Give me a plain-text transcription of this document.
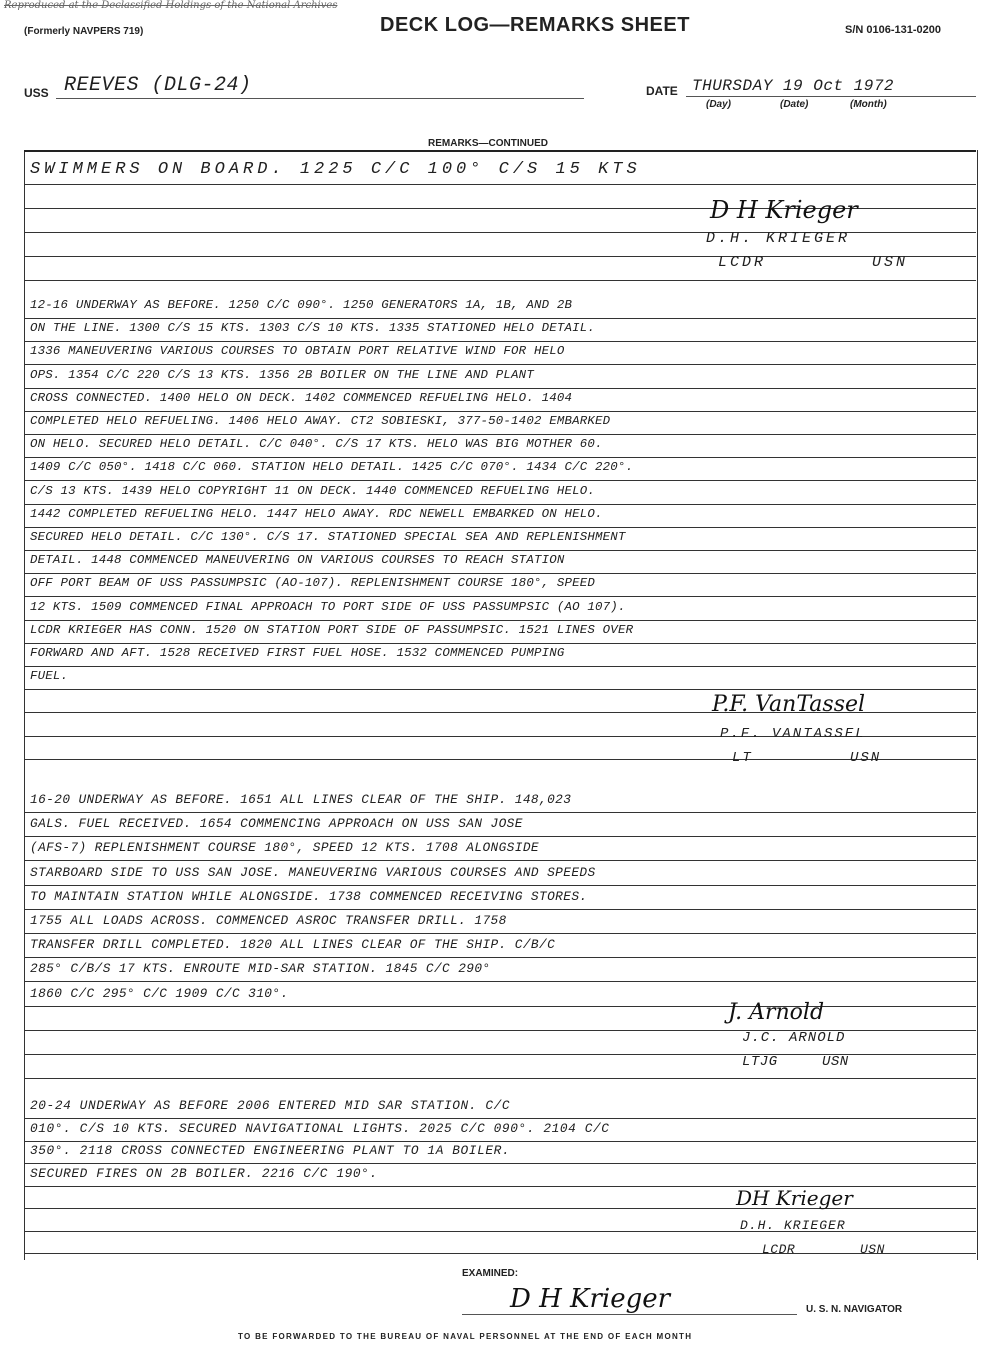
Reproduced at the Declassified Holdings of the National Archives
(Formerly NAVPERS 719)	DECK LOG—REMARKS SHEET	S/N 0106-131-0200
USS REEVES (DLG-24)	DATE THURSDAY 19 Oct 1972
(Day)	(Date)	(Month)
REMARKS—CONTINUED
SWIMMERS ON BOARD. 1225 C/C 100° C/S 15 KTS
D H Krieger
D.H. KRIEGER
LCDR	USN
12-16 UNDERWAY AS BEFORE. 1250 C/C 090°. 1250 GENERATORS 1A, 1B, AND 2B
ON THE LINE. 1300 C/S 15 KTS. 1303 C/S 10 KTS. 1335 STATIONED HELO DETAIL.
1336 MANEUVERING VARIOUS COURSES TO OBTAIN PORT RELATIVE WIND FOR HELO
OPS. 1354 C/C 220 C/S 13 KTS. 1356 2B BOILER ON THE LINE AND PLANT
CROSS CONNECTED. 1400 HELO ON DECK. 1402 COMMENCED REFUELING HELO. 1404
COMPLETED HELO REFUELING. 1406 HELO AWAY. CT2 SOBIESKI, 377-50-1402 EMBARKED
ON HELO. SECURED HELO DETAIL. C/C 040°. C/S 17 KTS. HELO WAS BIG MOTHER 60.
1409 C/C 050°. 1418 C/C 060. STATION HELO DETAIL. 1425 C/C 070°. 1434 C/C 220°.
C/S 13 KTS. 1439 HELO COPYRIGHT 11 ON DECK. 1440 COMMENCED REFUELING HELO.
1442 COMPLETED REFUELING HELO. 1447 HELO AWAY. RDC NEWELL EMBARKED ON HELO.
SECURED HELO DETAIL. C/C 130°. C/S 17. STATIONED SPECIAL SEA AND REPLENISHMENT
DETAIL. 1448 COMMENCED MANEUVERING ON VARIOUS COURSES TO REACH STATION
OFF PORT BEAM OF USS PASSUMPSIC (AO-107). REPLENISHMENT COURSE 180°, SPEED
12 KTS. 1509 COMMENCED FINAL APPROACH TO PORT SIDE OF USS PASSUMPSIC (AO 107).
LCDR KRIEGER HAS CONN. 1520 ON STATION PORT SIDE OF PASSUMPSIC. 1521 LINES OVER
FORWARD AND AFT. 1528 RECEIVED FIRST FUEL HOSE. 1532 COMMENCED PUMPING
FUEL.
P.F. VanTassel
P.F. VANTASSEL
LT	USN
16-20 UNDERWAY AS BEFORE. 1651 ALL LINES CLEAR OF THE SHIP. 148,023
GALS. FUEL RECEIVED. 1654 COMMENCING APPROACH ON USS SAN JOSE
(AFS-7) REPLENISHMENT COURSE 180°, SPEED 12 KTS. 1708 ALONGSIDE
STARBOARD SIDE TO USS SAN JOSE. MANEUVERING VARIOUS COURSES AND SPEEDS
TO MAINTAIN STATION WHILE ALONGSIDE. 1738 COMMENCED RECEIVING STORES.
1755 ALL LOADS ACROSS. COMMENCED ASROC TRANSFER DRILL. 1758
TRANSFER DRILL COMPLETED. 1820 ALL LINES CLEAR OF THE SHIP. C/B/C
285° C/B/S 17 KTS. ENROUTE MID-SAR STATION. 1845 C/C 290°
1860 C/C 295° C/C 1909 C/C 310°.
J. Arnold
J.C. ARNOLD
LTJG	USN
20-24 UNDERWAY AS BEFORE 2006 ENTERED MID SAR STATION. C/C
010°. C/S 10 KTS. SECURED NAVIGATIONAL LIGHTS. 2025 C/C 090°. 2104 C/C
350°. 2118 CROSS CONNECTED ENGINEERING PLANT TO 1A BOILER.
SECURED FIRES ON 2B BOILER. 2216 C/C 190°.
DH Krieger
D.H. KRIEGER
LCDR	USN
EXAMINED:
D H Krieger	U. S. N. NAVIGATOR
TO BE FORWARDED TO THE BUREAU OF NAVAL PERSONNEL AT THE END OF EACH MONTH
